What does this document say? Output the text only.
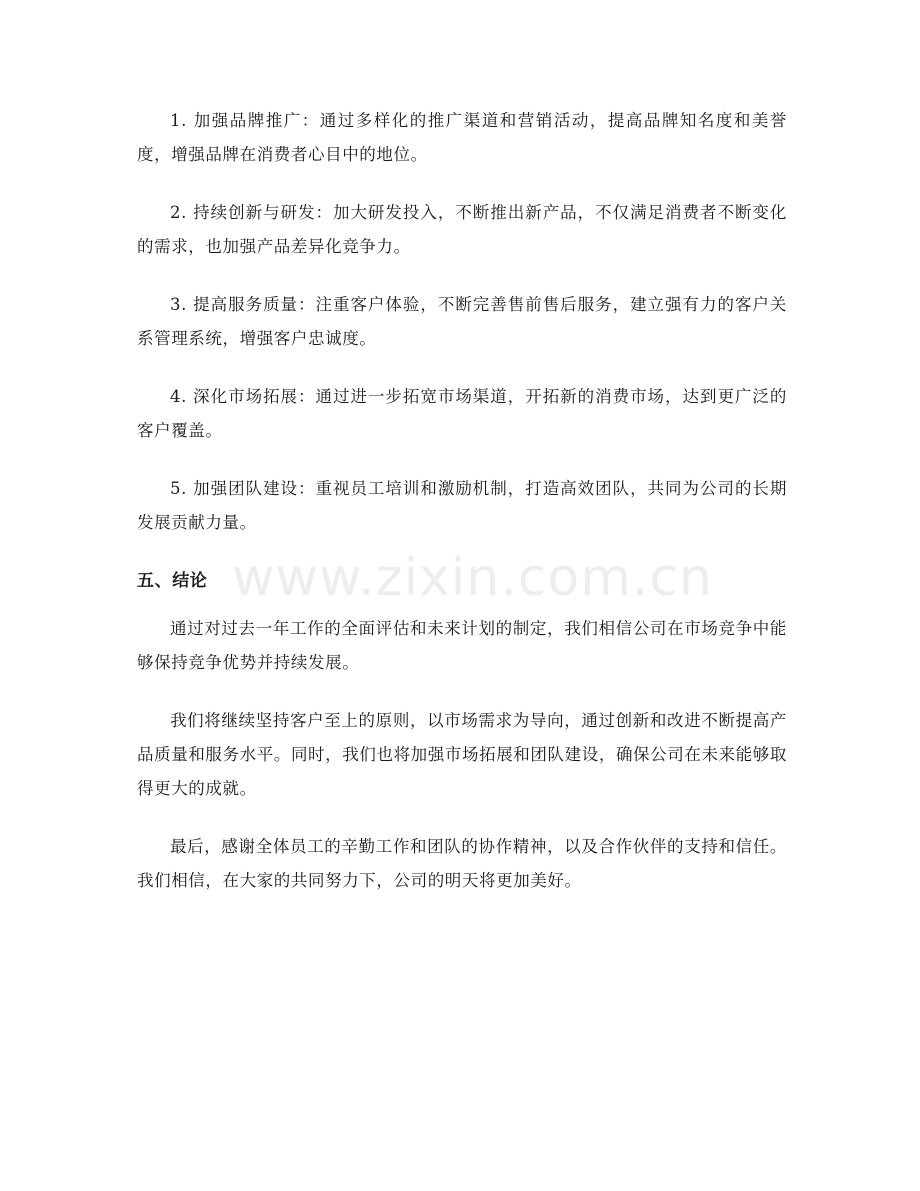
1. 加强品牌推广：通过多样化的推广渠道和营销活动，提高品牌知名度和美誉度，增强品牌在消费者心目中的地位。

2. 持续创新与研发：加大研发投入，不断推出新产品，不仅满足消费者不断变化的需求，也加强产品差异化竞争力。

3. 提高服务质量：注重客户体验，不断完善售前售后服务，建立强有力的客户关系管理系统，增强客户忠诚度。

4. 深化市场拓展：通过进一步拓宽市场渠道，开拓新的消费市场，达到更广泛的客户覆盖。

5. 加强团队建设：重视员工培训和激励机制，打造高效团队，共同为公司的长期发展贡献力量。

五、结论

通过对过去一年工作的全面评估和未来计划的制定，我们相信公司在市场竞争中能够保持竞争优势并持续发展。

我们将继续坚持客户至上的原则，以市场需求为导向，通过创新和改进不断提高产品质量和服务水平。同时，我们也将加强市场拓展和团队建设，确保公司在未来能够取得更大的成就。

最后，感谢全体员工的辛勤工作和团队的协作精神，以及合作伙伴的支持和信任。我们相信，在大家的共同努力下，公司的明天将更加美好。

www.zixin.com.cn
